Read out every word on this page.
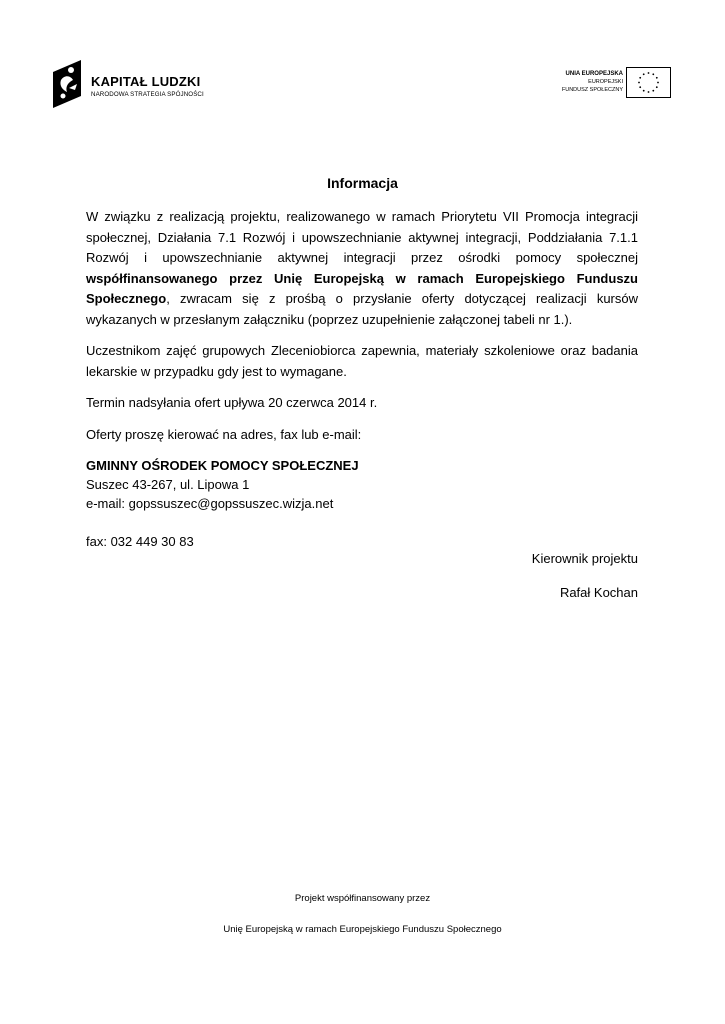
KAPITAŁ LUDZKI
NARODOWA STRATEGIA SPÓJNOŚCI
UNIA EUROPEJSKA
EUROPEJSKI
FUNDUSZ SPOŁECZNY
Informacja

W związku z realizacją projektu, realizowanego w ramach Priorytetu VII Promocja integracji społecznej, Działania 7.1 Rozwój i upowszechnianie aktywnej integracji, Poddziałania 7.1.1 Rozwój i upowszechnianie aktywnej integracji przez ośrodki pomocy społecznej współfinansowanego przez Unię Europejską w ramach Europejskiego Funduszu Społecznego, zwracam się z prośbą o przysłanie oferty dotyczącej realizacji kursów wykazanych w przesłanym załączniku (poprzez uzupełnienie załączonej tabeli nr 1.).

Uczestnikom zajęć grupowych Zleceniobiorca zapewnia, materiały szkoleniowe oraz badania lekarskie w przypadku gdy jest to wymagane.

Termin nadsyłania ofert upływa 20 czerwca 2014 r.

Oferty proszę kierować na adres, fax lub e-mail:

GMINNY OŚRODEK POMOCY SPOŁECZNEJ
Suszec 43-267, ul. Lipowa 1
e-mail: gopssuszec@gopssuszec.wizja.net
fax: 032 449 30 83
Kierownik projektu
Rafał Kochan
Projekt współfinansowany przez
Unię Europejską w ramach Europejskiego Funduszu Społecznego
